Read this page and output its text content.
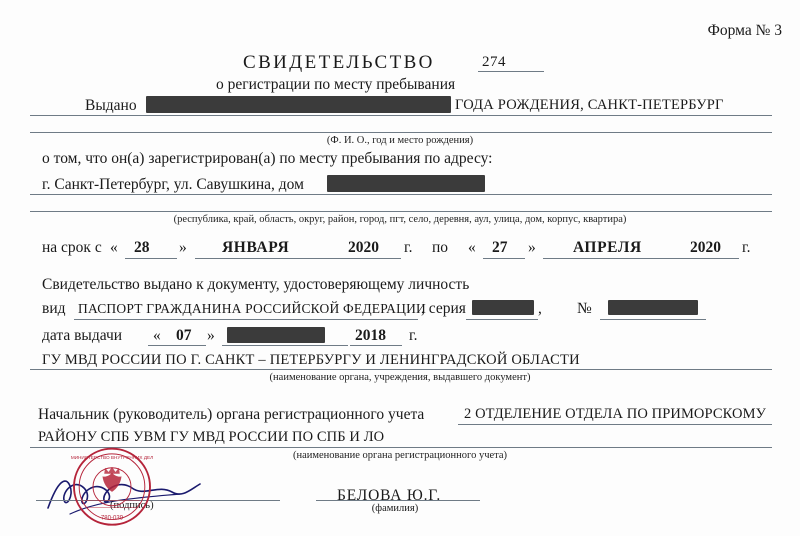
Форма № 3
СВИДЕТЕЛЬСТВО	274
о регистрации по месту пребывания
Выдано	ГОДА РОЖДЕНИЯ, САНКТ-ПЕТЕРБУРГ
(Ф. И. О., год и место рождения)
о том, что он(а) зарегистрирован(а) по месту пребывания по адресу:
г. Санкт-Петербург, ул. Савушкина, дом
(республика, край, область, округ, район, город, пгт, село, деревня, аул, улица, дом, корпус, квартира)
на срок с « 28 » ЯНВАРЯ	2020 г. по « 27 » АПРЕЛЯ	2020 г.
Свидетельство выдано к документу, удостоверяющему личность
вид ПАСПОРТ ГРАЖДАНИНА РОССИЙСКОЙ ФЕДЕРАЦИИ
, серия	, №
дата выдачи « 07 »	2018 г.
ГУ МВД РОССИИ ПО Г. САНКТ – ПЕТЕРБУРГУ И ЛЕНИНГРАДСКОЙ ОБЛАСТИ
(наименование органа, учреждения, выдавшего документ)
Начальник (руководитель) органа регистрационного учета	2 ОТДЕЛЕНИЕ ОТДЕЛА ПО ПРИМОРСКОМУ
РАЙОНУ СПБ УВМ ГУ МВД РОССИИ ПО СПБ И ЛО
(наименование органа регистрационного учета)
(подпись)
БЕЛОВА Ю.Г.
(фамилия)
МИНИСТЕРСТВО ВНУТРЕННИХ ДЕЛ
780-039
